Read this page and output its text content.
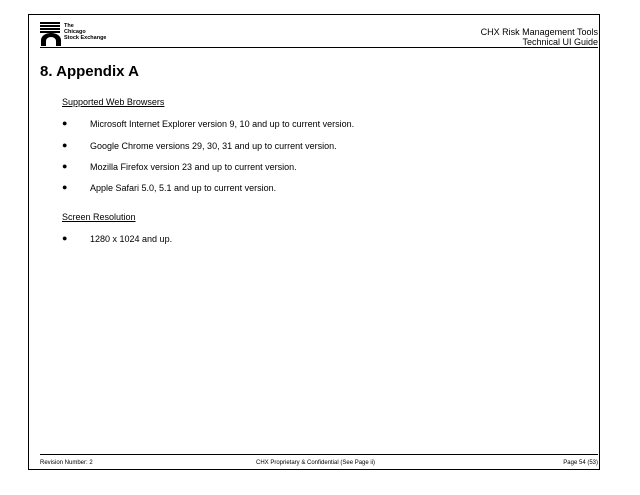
The
Chicago
Stock Exchange
CHX Risk Management Tools
Technical UI Guide
8. Appendix A
Supported Web Browsers
●	Microsoft Internet Explorer version 9, 10 and up to current version.
●	Google Chrome versions 29, 30, 31 and up to current version.
●	Mozilla Firefox version 23 and up to current version.
●	Apple Safari 5.0, 5.1 and up to current version.
Screen Resolution
●	1280 x 1024 and up.
Revision Number: 2	CHX Proprietary & Confidential (See Page ii)	Page 54 (53)
